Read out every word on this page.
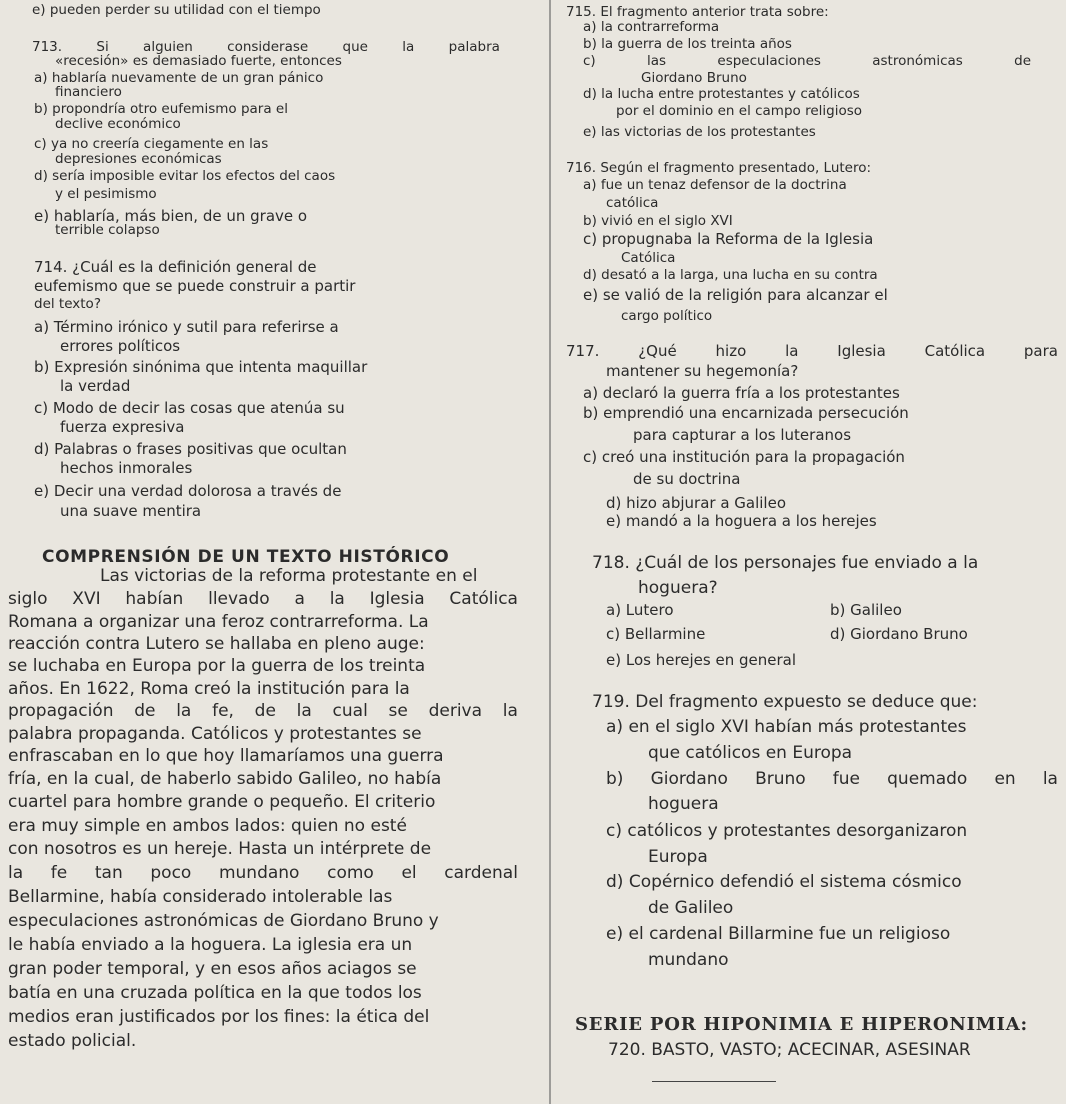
e) pueden perder su utilidad con el tiempo
713.	Si	alguien	considerase	que	la	palabra
«recesión» es demasiado fuerte, entonces
a) hablaría nuevamente de un gran pánico
financiero
b) propondría otro eufemismo para el
declive económico
c) ya no creería ciegamente en las
depresiones económicas
d) sería imposible evitar los efectos del caos
y el pesimismo
e) hablaría, más bien, de un grave o
terrible colapso
714. ¿Cuál es la definición general de
eufemismo que se puede construir a partir
del texto?
a) Término irónico y sutil para referirse a
errores políticos
b) Expresión sinónima que intenta maquillar
la verdad
c) Modo de decir las cosas que atenúa su
fuerza expresiva
d) Palabras o frases positivas que ocultan
hechos inmorales
e) Decir una verdad dolorosa a través de
una suave mentira
COMPRENSIÓN DE UN TEXTO HISTÓRICO
Las victorias de la reforma protestante en el
siglo XVI habían llevado a la Iglesia Católica
Romana a organizar una feroz contrarreforma. La
reacción contra Lutero se hallaba en pleno auge:
se luchaba en Europa por la guerra de los treinta
años. En 1622, Roma creó la institución para la
propagación de la fe, de la cual se deriva la
palabra propaganda. Católicos y protestantes se
enfrascaban en lo que hoy llamaríamos una guerra
fría, en la cual, de haberlo sabido Galileo, no había
cuartel para hombre grande o pequeño. El criterio
era muy simple en ambos lados: quien no esté
con nosotros es un hereje. Hasta un intérprete de
la fe tan poco mundano como el cardenal
Bellarmine, había considerado intolerable las
especulaciones astronómicas de Giordano Bruno y
le había enviado a la hoguera. La iglesia era un
gran poder temporal, y en esos años aciagos se
batía en una cruzada política en la que todos los
medios eran justificados por los fines: la ética del
estado policial.
715. El fragmento anterior trata sobre:
a) la contrarreforma
b) la guerra de los treinta años
c)	las	especulaciones	astronómicas	de
Giordano Bruno
d) la lucha entre protestantes y católicos
por el dominio en el campo religioso
e) las victorias de los protestantes
716. Según el fragmento presentado, Lutero:
a) fue un tenaz defensor de la doctrina
católica
b) vivió en el siglo XVI
c) propugnaba la Reforma de la Iglesia
Católica
d) desató a la larga, una lucha en su contra
e) se valió de la religión para alcanzar el
cargo político
717.	¿Qué	hizo	la	Iglesia	Católica	para
mantener su hegemonía?
a) declaró la guerra fría a los protestantes
b) emprendió una encarnizada persecución
para capturar a los luteranos
c) creó una institución para la propagación
de su doctrina
d) hizo abjurar a Galileo
e) mandó a la hoguera a los herejes
718. ¿Cuál de los personajes fue enviado a la
hoguera?
a) Lutero	b) Galileo
c) Bellarmine	d) Giordano Bruno
e) Los herejes en general
719. Del fragmento expuesto se deduce que:
a) en el siglo XVI habían más protestantes
que católicos en Europa
b) Giordano Bruno fue quemado en la
hoguera
c) católicos y protestantes desorganizaron
Europa
d) Copérnico defendió el sistema cósmico
de Galileo
e) el cardenal Billarmine fue un religioso
mundano
SERIE POR HIPONIMIA E HIPERONIMIA:
720. BASTO, VASTO; ACECINAR, ASESINAR
